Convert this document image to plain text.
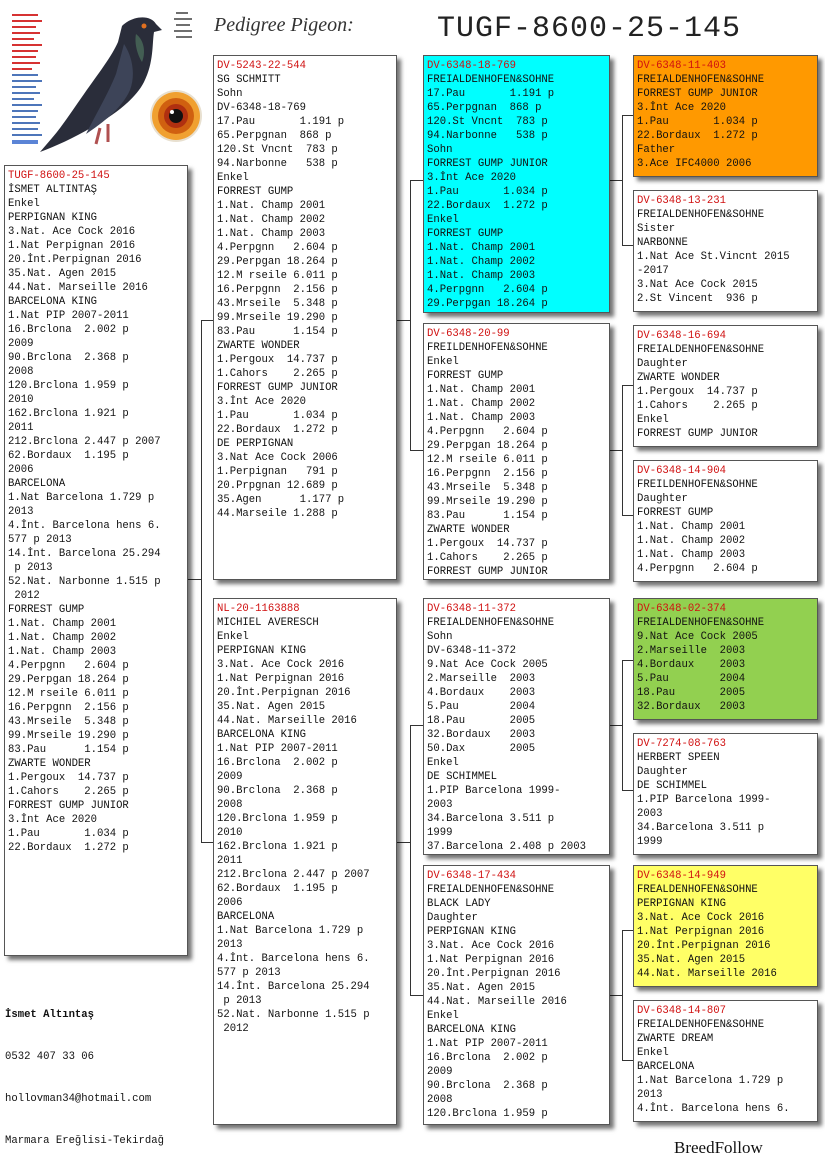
Pedigree Pigeon:	TUGF-8600-25-145
TUGF-8600-25-145
İSMET ALTINTAŞ
Enkel
PERPIGNAN KING
3.Nat. Ace Cock 2016
1.Nat Perpignan 2016
20.İnt.Perpignan 2016
35.Nat. Agen 2015
44.Nat. Marseille 2016
BARCELONA KING
1.Nat PIP 2007-2011
16.Brclona  2.002 p
2009
90.Brclona  2.368 p
2008
120.Brclona 1.959 p
2010
162.Brclona 1.921 p
2011
212.Brclona 2.447 p 2007
62.Bordaux  1.195 p
2006
BARCELONA
1.Nat Barcelona 1.729 p
2013
4.İnt. Barcelona hens 6.
577 p 2013
14.İnt. Barcelona 25.294
p 2013
52.Nat. Narbonne 1.515 p
2012
FORREST GUMP
1.Nat. Champ 2001
1.Nat. Champ 2002
1.Nat. Champ 2003
4.Perpgnn   2.604 p
29.Perpgan 18.264 p
12.M rseile 6.011 p
16.Perpgnn  2.156 p
43.Mrseile  5.348 p
99.Mrseile 19.290 p
83.Pau      1.154 p
ZWARTE WONDER
1.Pergoux  14.737 p
1.Cahors    2.265 p
FORREST GUMP JUNIOR
3.İnt Ace 2020
1.Pau       1.034 p
22.Bordaux  1.272 p
DV-5243-22-544
SG SCHMITT
Sohn
DV-6348-18-769
17.Pau       1.191 p
65.Perpgnan  868 p
120.St Vncnt  783 p
94.Narbonne   538 p
Enkel
FORREST GUMP
1.Nat. Champ 2001
1.Nat. Champ 2002
1.Nat. Champ 2003
4.Perpgnn   2.604 p
29.Perpgan 18.264 p
12.M rseile 6.011 p
16.Perpgnn  2.156 p
43.Mrseile  5.348 p
99.Mrseile 19.290 p
83.Pau      1.154 p
ZWARTE WONDER
1.Pergoux  14.737 p
1.Cahors    2.265 p
FORREST GUMP JUNIOR
3.İnt Ace 2020
1.Pau       1.034 p
22.Bordaux  1.272 p
DE PERPIGNAN
3.Nat Ace Cock 2006
1.Perpignan   791 p
20.Prpgnan 12.689 p
35.Agen      1.177 p
44.Marseile 1.288 p
NL-20-1163888
MICHIEL AVERESCH
Enkel
PERPIGNAN KING
3.Nat. Ace Cock 2016
1.Nat Perpignan 2016
20.İnt.Perpignan 2016
35.Nat. Agen 2015
44.Nat. Marseille 2016
BARCELONA KING
1.Nat PIP 2007-2011
16.Brclona  2.002 p
2009
90.Brclona  2.368 p
2008
120.Brclona 1.959 p
2010
162.Brclona 1.921 p
2011
212.Brclona 2.447 p 2007
62.Bordaux  1.195 p
2006
BARCELONA
1.Nat Barcelona 1.729 p
2013
4.İnt. Barcelona hens 6.
577 p 2013
14.İnt. Barcelona 25.294
p 2013
52.Nat. Narbonne 1.515 p
2012
DV-6348-18-769
FREIALDENHOFEN&SOHNE
17.Pau       1.191 p
65.Perpgnan  868 p
120.St Vncnt  783 p
94.Narbonne   538 p
Sohn
FORREST GUMP JUNIOR
3.İnt Ace 2020
1.Pau       1.034 p
22.Bordaux  1.272 p
Enkel
FORREST GUMP
1.Nat. Champ 2001
1.Nat. Champ 2002
1.Nat. Champ 2003
4.Perpgnn   2.604 p
29.Perpgan 18.264 p
DV-6348-20-99
FREILDENHOFEN&SOHNE
Enkel
FORREST GUMP
1.Nat. Champ 2001
1.Nat. Champ 2002
1.Nat. Champ 2003
4.Perpgnn   2.604 p
29.Perpgan 18.264 p
12.M rseile 6.011 p
16.Perpgnn  2.156 p
43.Mrseile  5.348 p
99.Mrseile 19.290 p
83.Pau      1.154 p
ZWARTE WONDER
1.Pergoux  14.737 p
1.Cahors    2.265 p
FORREST GUMP JUNIOR
DV-6348-11-372
FREIALDENHOFEN&SOHNE
Sohn
DV-6348-11-372
9.Nat Ace Cock 2005
2.Marseille  2003
4.Bordaux    2003
5.Pau        2004
18.Pau       2005
32.Bordaux   2003
50.Dax       2005
Enkel
DE SCHIMMEL
1.PIP Barcelona 1999-
2003
34.Barcelona 3.511 p
1999
37.Barcelona 2.408 p 2003
DV-6348-17-434
FREIALDENHOFEN&SOHNE
BLACK LADY
Daughter
PERPIGNAN KING
3.Nat. Ace Cock 2016
1.Nat Perpignan 2016
20.İnt.Perpignan 2016
35.Nat. Agen 2015
44.Nat. Marseille 2016
Enkel
BARCELONA KING
1.Nat PIP 2007-2011
16.Brclona  2.002 p
2009
90.Brclona  2.368 p
2008
120.Brclona 1.959 p
DV-6348-11-403
FREIALDENHOFEN&SOHNE
FORREST GUMP JUNIOR
3.İnt Ace 2020
1.Pau       1.034 p
22.Bordaux  1.272 p
Father
3.Ace IFC4000 2006
DV-6348-13-231
FREIALDENHOFEN&SOHNE
Sister
NARBONNE
1.Nat Ace St.Vincnt 2015
-2017
3.Nat Ace Cock 2015
2.St Vincent  936 p
DV-6348-16-694
FREIALDENHOFEN&SOHNE
Daughter
ZWARTE WONDER
1.Pergoux  14.737 p
1.Cahors    2.265 p
Enkel
FORREST GUMP JUNIOR
DV-6348-14-904
FREILDENHOFEN&SOHNE
Daughter
FORREST GUMP
1.Nat. Champ 2001
1.Nat. Champ 2002
1.Nat. Champ 2003
4.Perpgnn   2.604 p
DV-6348-02-374
FREIALDENHOFEN&SOHNE
9.Nat Ace Cock 2005
2.Marseille  2003
4.Bordaux    2003
5.Pau        2004
18.Pau       2005
32.Bordaux   2003
DV-7274-08-763
HERBERT SPEEN
Daughter
DE SCHIMMEL
1.PIP Barcelona 1999-
2003
34.Barcelona 3.511 p
1999
DV-6348-14-949
FREALDENHOFEN&SOHNE
PERPIGNAN KING
3.Nat. Ace Cock 2016
1.Nat Perpignan 2016
20.İnt.Perpignan 2016
35.Nat. Agen 2015
44.Nat. Marseille 2016
DV-6348-14-807
FREIALDENHOFEN&SOHNE
ZWARTE DREAM
Enkel
BARCELONA
1.Nat Barcelona 1.729 p
2013
4.İnt. Barcelona hens 6.

İsmet Altıntaş

0532 407 33 06

hollovman34@hotmail.com

Marmara Ereğlisi-Tekirdağ	BreedFollow
